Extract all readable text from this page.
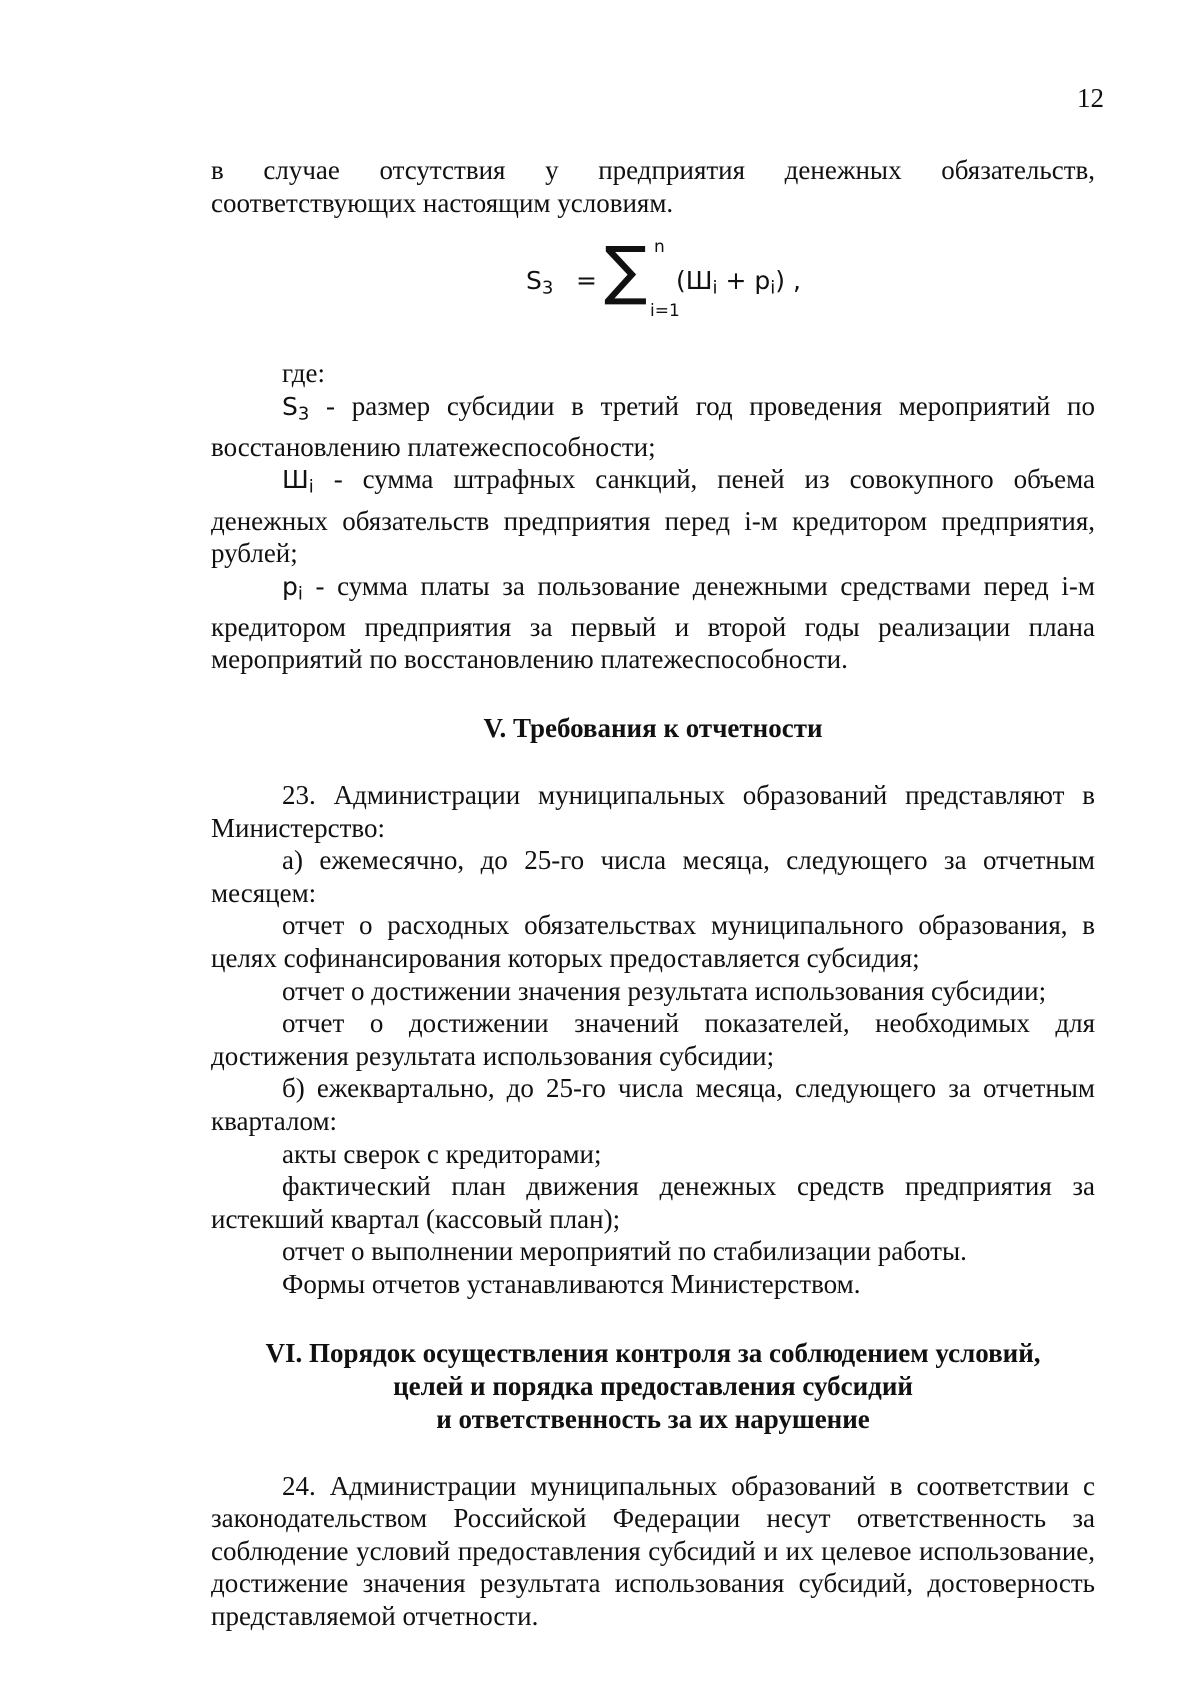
12

в случае отсутствия у предприятия денежных обязательств, соответствующих настоящим условиям.

$S_3$ = ∑ n
i=1
$(Ш_i + p_i)$ ,

где:

$S_3$ - размер субсидии в третий год проведения мероприятий по восстановлению платежеспособности;

$Ш_i$ - сумма штрафных санкций, пеней из совокупного объема денежных обязательств предприятия перед i-м кредитором предприятия, рублей;

$p_i$ - сумма платы за пользование денежными средствами перед i-м кредитором предприятия за первый и второй годы реализации плана мероприятий по восстановлению платежеспособности.

V. Требования к отчетности

23. Администрации муниципальных образований представляют в Министерство:

а) ежемесячно, до 25-го числа месяца, следующего за отчетным месяцем:

отчет о расходных обязательствах муниципального образования, в целях софинансирования которых предоставляется субсидия;

отчет о достижении значения результата использования субсидии;

отчет о достижении значений показателей, необходимых для достижения результата использования субсидии;

б) ежеквартально, до 25-го числа месяца, следующего за отчетным кварталом:

акты сверок с кредиторами;

фактический план движения денежных средств предприятия за истекший квартал (кассовый план);

отчет о выполнении мероприятий по стабилизации работы.

Формы отчетов устанавливаются Министерством.

VI. Порядок осуществления контроля за соблюдением условий,
целей и порядка предоставления субсидий
и ответственность за их нарушение

24. Администрации муниципальных образований в соответствии с законодательством Российской Федерации несут ответственность за соблюдение условий предоставления субсидий и их целевое использование, достижение значения результата использования субсидий, достоверность представляемой отчетности.
